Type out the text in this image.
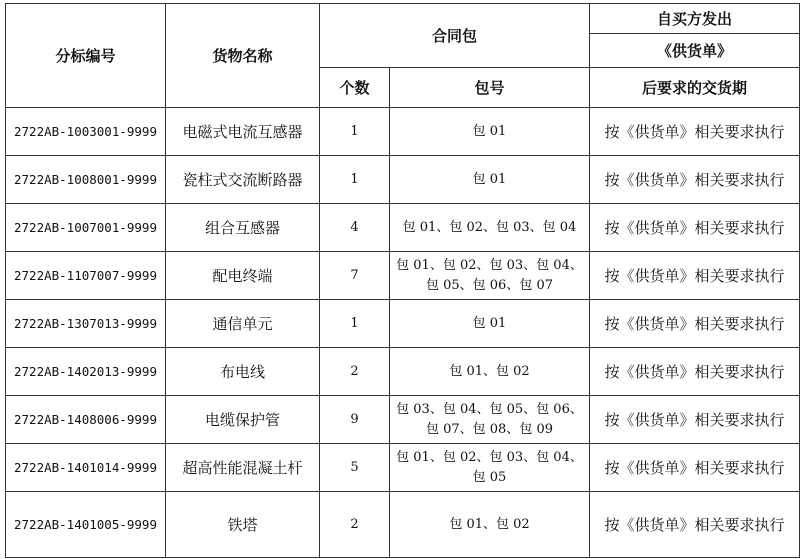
分标编号	货物名称	合同包		自买方发出
				《供货单》
		个数	包号	后要求的交货期
2722AB-1003001-9999	电磁式电流互感器	1	包 01	按《供货单》相关要求执行
2722AB-1008001-9999	瓷柱式交流断路器	1	包 01	按《供货单》相关要求执行
2722AB-1007001-9999	组合互感器	4	包 01、包 02、包 03、包 04	按《供货单》相关要求执行
2722AB-1107007-9999	配电终端	7	包 01、包 02、包 03、包 04、包 05、包 06、包 07	按《供货单》相关要求执行
2722AB-1307013-9999	通信单元	1	包 01	按《供货单》相关要求执行
2722AB-1402013-9999	布电线	2	包 01、包 02	按《供货单》相关要求执行
2722AB-1408006-9999	电缆保护管	9	包 03、包 04、包 05、包 06、包 07、包 08、包 09	按《供货单》相关要求执行
2722AB-1401014-9999	超高性能混凝土杆	5	包 01、包 02、包 03、包 04、包 05	按《供货单》相关要求执行
2722AB-1401005-9999	铁塔	2	包 01、包 02	按《供货单》相关要求执行
